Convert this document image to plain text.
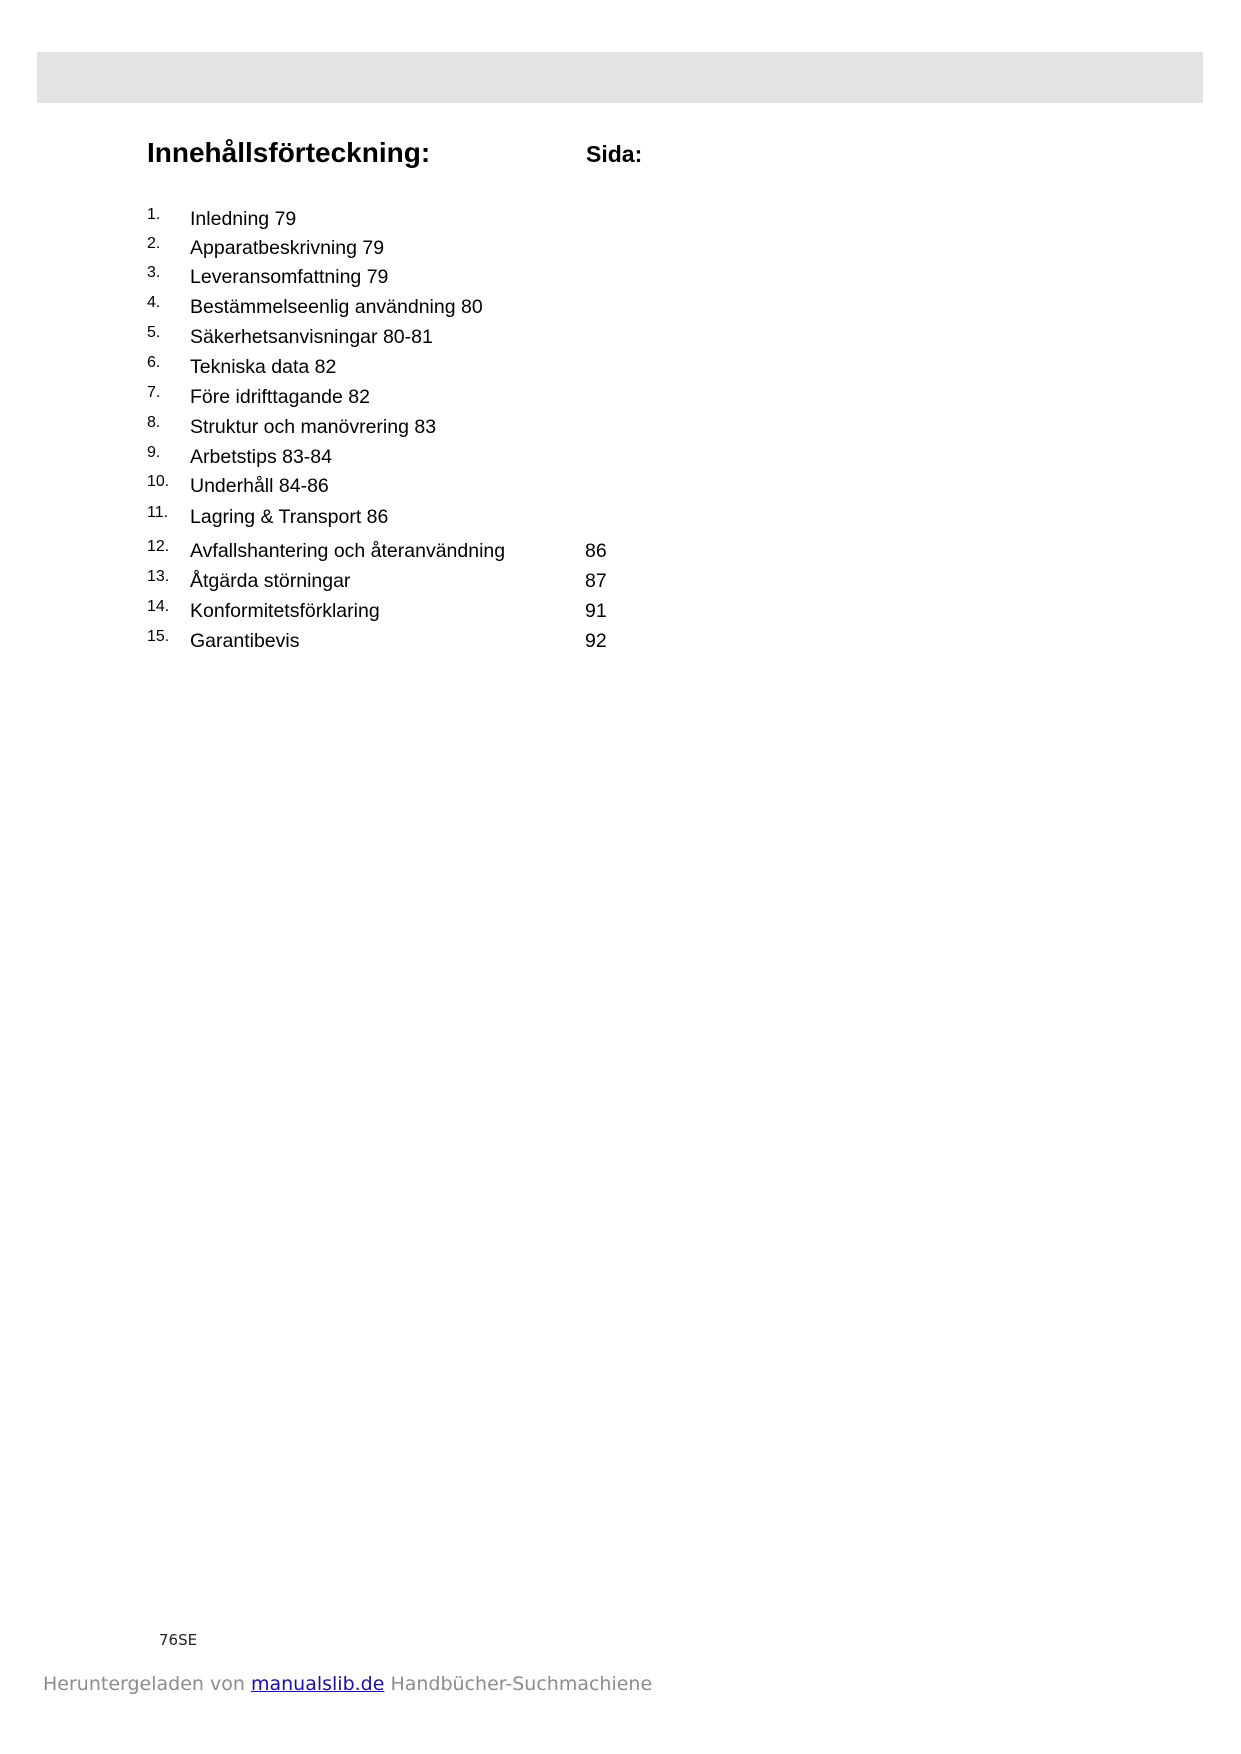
Innehållsförteckning:	Sida:
1. Inledning 79
2. Apparatbeskrivning 79
3. Leveransomfattning 79
4. Bestämmelseenlig användning 80
5. Säkerhetsanvisningar 80-81
6. Tekniska data 82
7. Före idrifttagande 82
8. Struktur och manövrering 83
9. Arbetstips 83-84
10. Underhåll 84-86
11. Lagring & Transport 86
12. Avfallshantering och återanvändning	86
13. Åtgärda störningar	87
14. Konformitetsförklaring	91
15. Garantibevis	92
76SE
Heruntergeladen von manualslib.de Handbücher-Suchmachiene
